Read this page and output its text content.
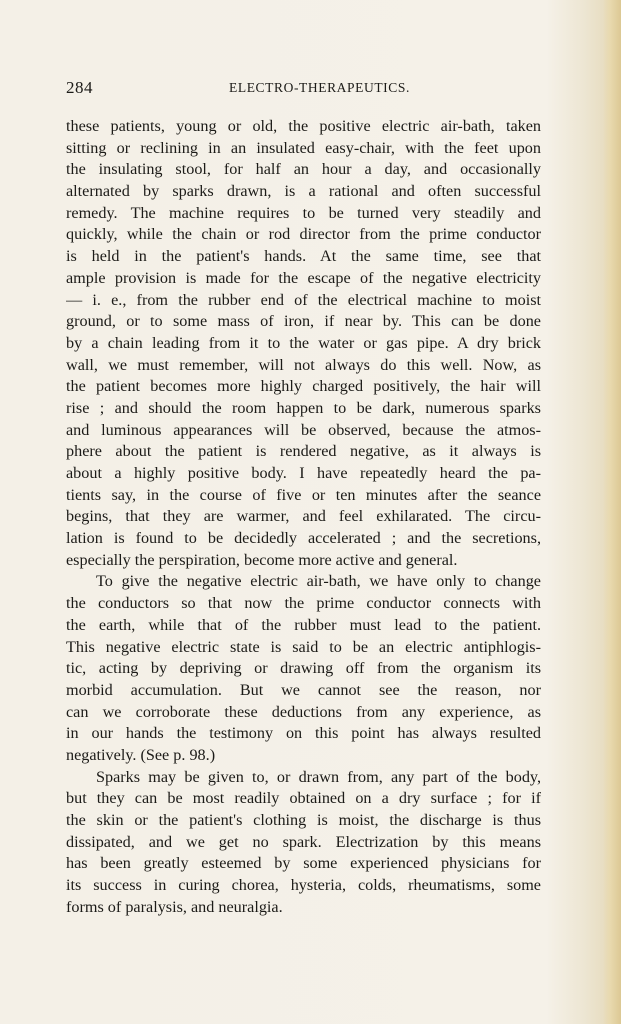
284	ELECTRO-THERAPEUTICS.
these patients, young or old, the positive electric air-bath, taken
sitting or reclining in an insulated easy-chair, with the feet upon
the insulating stool, for half an hour a day, and occasionally
alternated by sparks drawn, is a rational and often successful
remedy. The machine requires to be turned very steadily and
quickly, while the chain or rod director from the prime conductor
is held in the patient's hands. At the same time, see that
ample provision is made for the escape of the negative electricity
— i. e., from the rubber end of the electrical machine to moist
ground, or to some mass of iron, if near by. This can be done
by a chain leading from it to the water or gas pipe. A dry brick
wall, we must remember, will not always do this well. Now, as
the patient becomes more highly charged positively, the hair will
rise ; and should the room happen to be dark, numerous sparks
and luminous appearances will be observed, because the atmos-
phere about the patient is rendered negative, as it always is
about a highly positive body. I have repeatedly heard the pa-
tients say, in the course of five or ten minutes after the seance
begins, that they are warmer, and feel exhilarated. The circu-
lation is found to be decidedly accelerated ; and the secretions,
especially the perspiration, become more active and general.
To give the negative electric air-bath, we have only to change
the conductors so that now the prime conductor connects with
the earth, while that of the rubber must lead to the patient.
This negative electric state is said to be an electric antiphlogis-
tic, acting by depriving or drawing off from the organism its
morbid accumulation. But we cannot see the reason, nor
can we corroborate these deductions from any experience, as
in our hands the testimony on this point has always resulted
negatively. (See p. 98.)
Sparks may be given to, or drawn from, any part of the body,
but they can be most readily obtained on a dry surface ; for if
the skin or the patient's clothing is moist, the discharge is thus
dissipated, and we get no spark. Electrization by this means
has been greatly esteemed by some experienced physicians for
its success in curing chorea, hysteria, colds, rheumatisms, some
forms of paralysis, and neuralgia.
